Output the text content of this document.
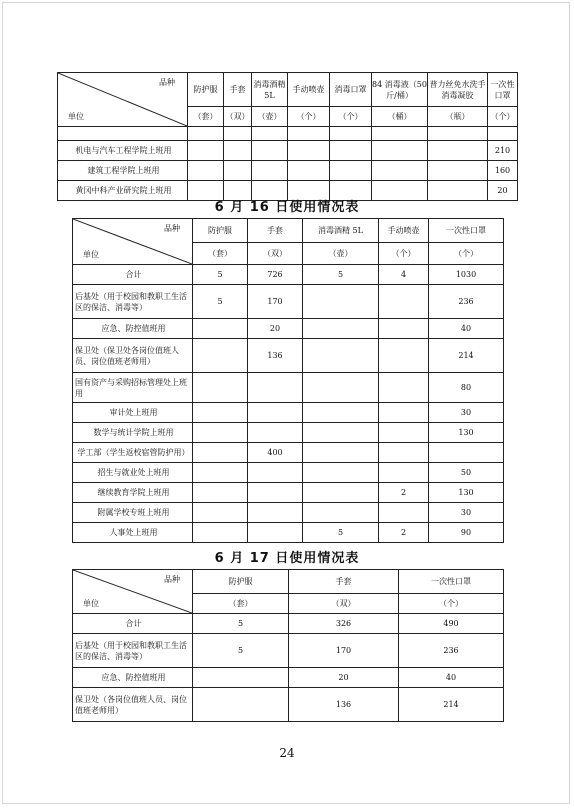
品种
单位	防护服	手套	消毒酒精 5L	手动喷壶	消毒口罩	84 消毒液（50 斤/桶）	普力丝免水洗手消毒凝胶	一次性口罩
	（套）	（双）	（壶）	（个）	（个）	（桶）	（瓶）	（个）

机电与汽车工程学院上班用								210
建筑工程学院上班用								160
黄冈中科产业研究院上班用								20
6 月 16 日使用情况表
品种
单位	防护服	手套	消毒酒精 5L	手动喷壶	一次性口罩
	（套）	（双）	（壶）	（个）	（个）
合计	5	726	5	4	1030
后基处（用于校园和教职工生活区的保洁、消毒等）	5	170			236
应急、防控值班用		20			40
保卫处（保卫处各岗位值班人员、岗位值班老师用）		136			214
国有资产与采购招标管理处上班用					80
审计处上班用					30
数学与统计学院上班用					130
学工部（学生返校宿管防护用）		400			
招生与就业处上班用					50
继续教育学院上班用				2	130
附属学校专班上班用					30
人事处上班用			5	2	90
6 月 17 日使用情况表
品种
单位	防护服	手套	一次性口罩
	（套）	（双）	（个）
合计	5	326	490
后基处（用于校园和教职工生活区的保洁、消毒等）	5	170	236
应急、防控值班用		20	40
保卫处（各岗位值班人员、岗位值班老师用）		136	214
24
